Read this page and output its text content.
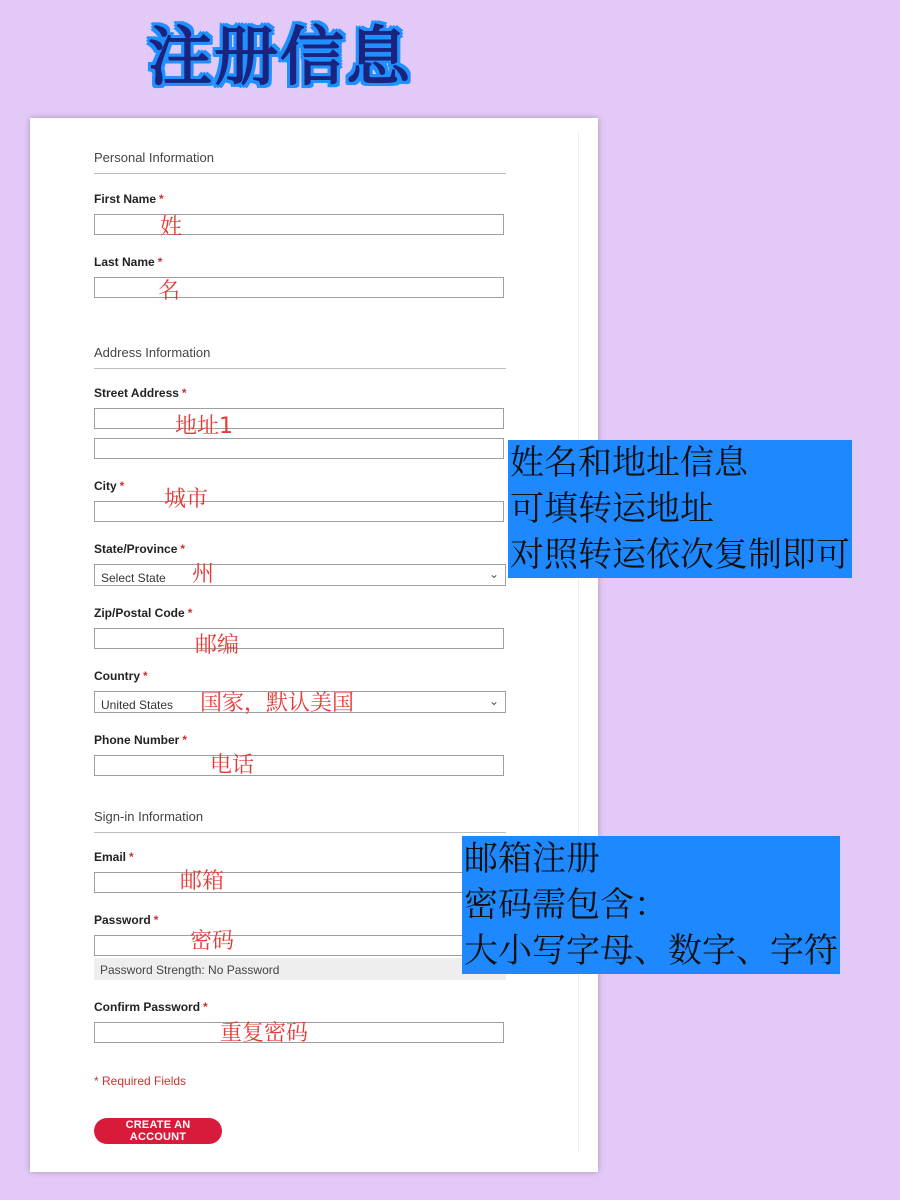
注册信息
Personal Information
First Name *
Last Name *
Address Information
Street Address *
City *
State/Province *
Select State	⌄
Zip/Postal Code *
Country *
United States	⌄
Phone Number *
Sign-in Information
Email *
Password *
Password Strength: No Password
Confirm Password *
* Required Fields
CREATE AN ACCOUNT
姓
名
地址1
城市
州
邮编
国家，默认美国
电话
邮箱
密码
重复密码
姓名和地址信息
可填转运地址
对照转运依次复制即可
邮箱注册
密码需包含：
大小写字母、数字、字符
